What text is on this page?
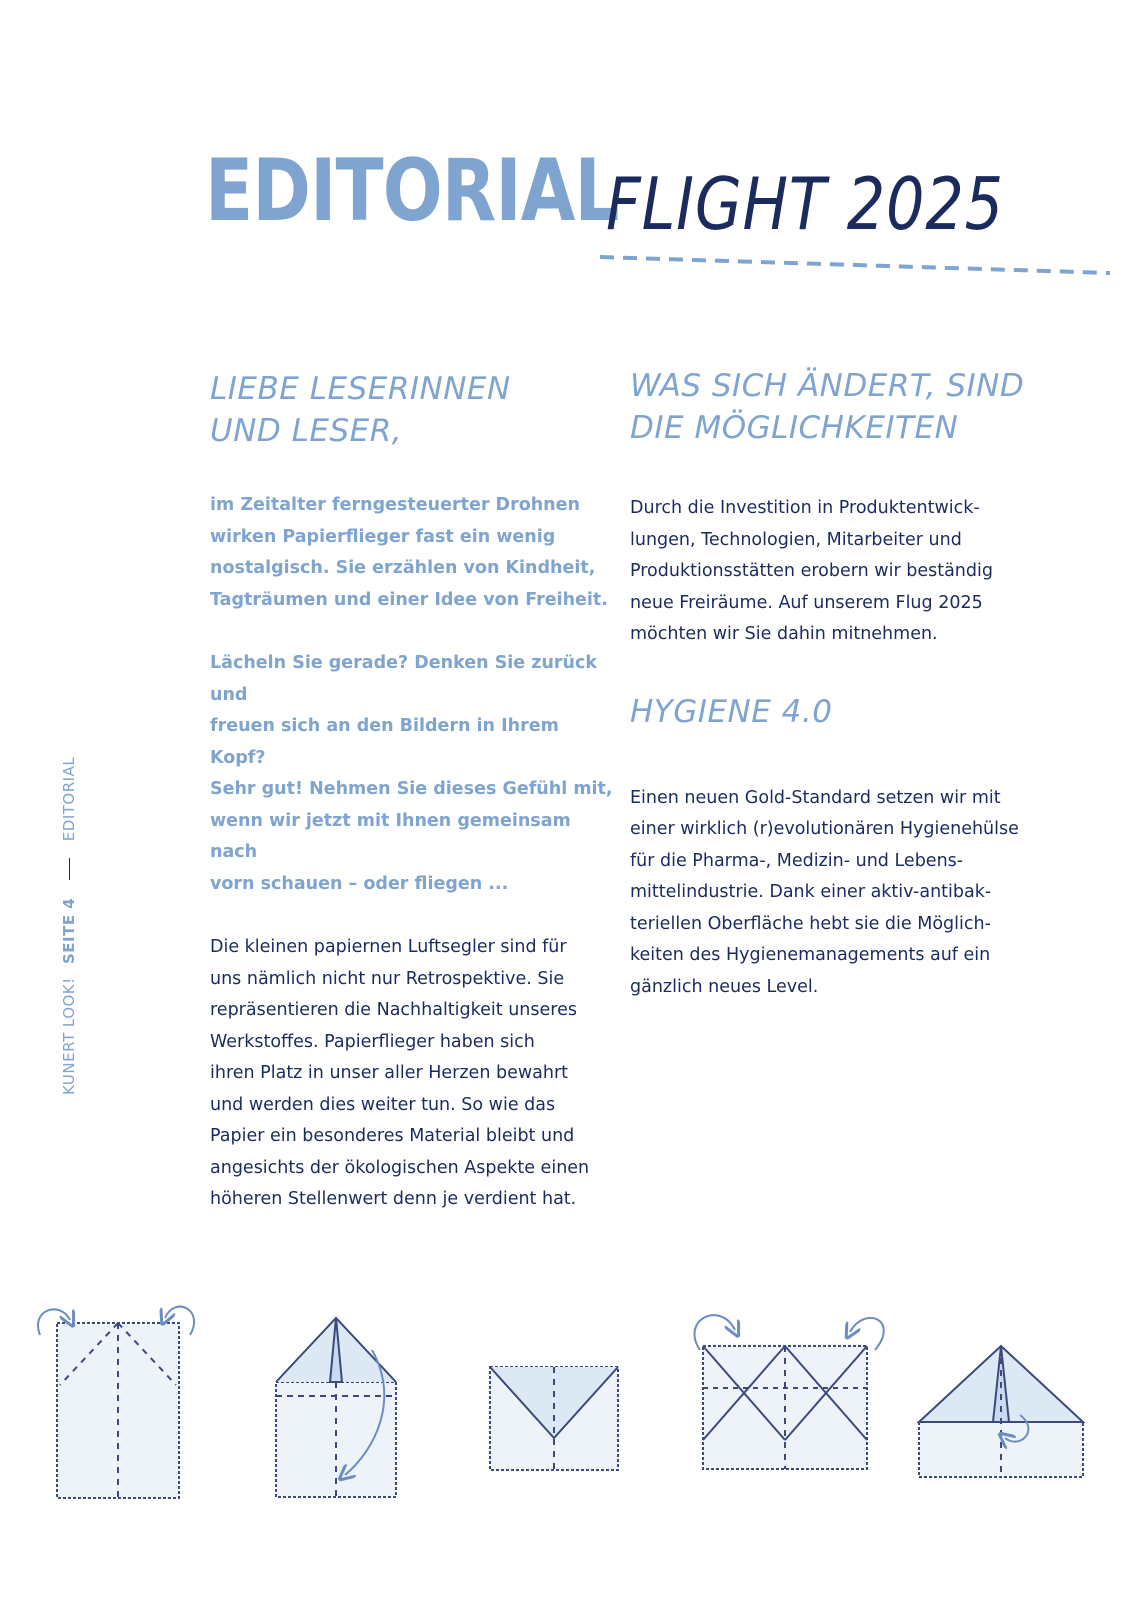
EDITORIAL
FLIGHT 2025
KUNERT LOOK! SEITE 4  EDITORIAL
LIEBE LESERINNEN
UND LESER,

im Zeitalter ferngesteuerter Drohnen

wirken Papierflieger fast ein wenig

nostalgisch. Sie erzählen von Kindheit,

Tagträumen und einer Idee von Freiheit.

Lächeln Sie gerade? Denken Sie zurück und

freuen sich an den Bildern in Ihrem Kopf?

Sehr gut! Nehmen Sie dieses Gefühl mit,

wenn wir jetzt mit Ihnen gemeinsam nach

vorn schauen – oder fliegen ...

Die kleinen papiernen Luftsegler sind für

uns nämlich nicht nur Retrospektive. Sie

repräsentieren die Nachhaltigkeit unseres

Werkstoffes. Papierflieger haben sich

ihren Platz in unser aller Herzen bewahrt

und werden dies weiter tun. So wie das

Papier ein besonderes Material bleibt und

angesichts der ökologischen Aspekte einen

höheren Stellenwert denn je verdient hat.

WAS SICH ÄNDERT, SIND
DIE MÖGLICHKEITEN

Durch die Investition in Produktentwick-

lungen, Technologien, Mitarbeiter und

Produktionsstätten erobern wir beständig

neue Freiräume. Auf unserem Flug 2025

möchten wir Sie dahin mitnehmen.

HYGIENE 4.0

Einen neuen Gold-Standard setzen wir mit

einer wirklich (r)evolutionären Hygienehülse

für die Pharma-, Medizin- und Lebens-

mittelindustrie. Dank einer aktiv-antibak-

teriellen Oberfläche hebt sie die Möglich-

keiten des Hygienemanagements auf ein

gänzlich neues Level.
